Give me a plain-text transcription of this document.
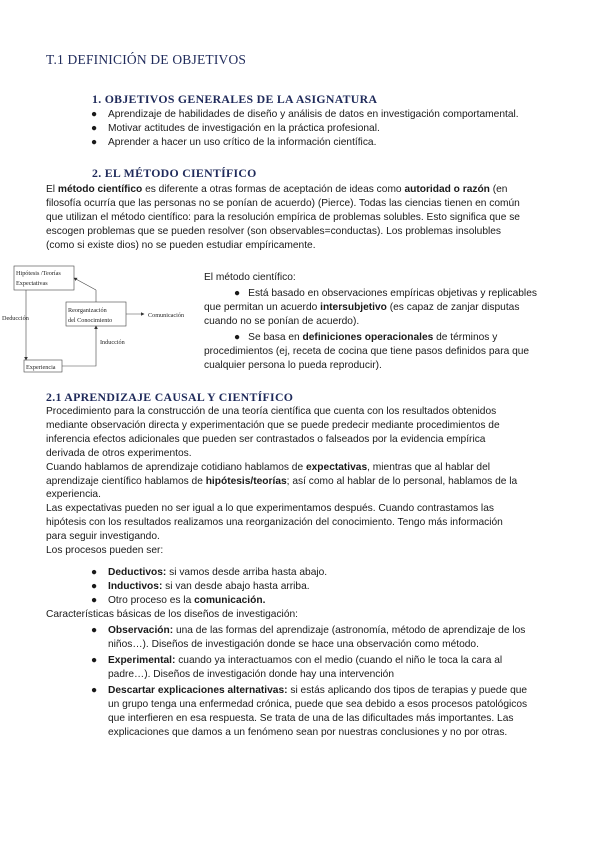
T.1 DEFINICIÓN DE OBJETIVOS
1. OBJETIVOS GENERALES DE LA ASIGNATURA
● Aprendizaje de habilidades de diseño y análisis de datos en investigación comportamental.
● Motivar actitudes de investigación en la práctica profesional.
● Aprender a hacer un uso crítico de la información científica.
2. EL MÉTODO CIENTÍFICO
El método científico es diferente a otras formas de aceptación de ideas como autoridad o razón (en
filosofía ocurría que las personas no se ponían de acuerdo) (Pierce). Todas las ciencias tienen en común
que utilizan el método científico: para la resolución empírica de problemas solubles. Esto significa que se
escogen problemas que se pueden resolver (son observables=conductas). Los problemas insolubles
(como si existe dios) no se pueden estudiar empíricamente.
Hipótesis /Teorías
Expectativas
Reorganización
del Conocimiento
Deducción
Inducción
Comunicación
Experiencia
El método científico:
● Está basado en observaciones empíricas objetivas y replicables
que permitan un acuerdo intersubjetivo (es capaz de zanjar disputas
cuando no se ponían de acuerdo).
● Se basa en definiciones operacionales de términos y
procedimientos (ej, receta de cocina que tiene pasos definidos para que
cualquier persona lo pueda reproducir).
2.1 APRENDIZAJE CAUSAL Y CIENTÍFICO
Procedimiento para la construcción de una teoría científica que cuenta con los resultados obtenidos
mediante observación directa y experimentación que se puede predecir mediante procedimientos de
inferencia efectos adicionales que pueden ser contrastados o falseados por la evidencia empírica
derivada de otros experimentos.
Cuando hablamos de aprendizaje cotidiano hablamos de expectativas, mientras que al hablar del
aprendizaje científico hablamos de hipótesis/teorías; así como al hablar de lo personal, hablamos de la
experiencia.
Las expectativas pueden no ser igual a lo que experimentamos después. Cuando contrastamos las
hipótesis con los resultados realizamos una reorganización del conocimiento. Tengo más información
para seguir investigando.
Los procesos pueden ser:
● Deductivos: si vamos desde arriba hasta abajo.
● Inductivos: si van desde abajo hasta arriba.
● Otro proceso es la comunicación.
Características básicas de los diseños de investigación:
● Observación: una de las formas del aprendizaje (astronomía, método de aprendizaje de los
niños…). Diseños de investigación donde se hace una observación como método.
● Experimental: cuando ya interactuamos con el medio (cuando el niño le toca la cara al
padre…). Diseños de investigación donde hay una intervención
● Descartar explicaciones alternativas: si estás aplicando dos tipos de terapias y puede que
un grupo tenga una enfermedad crónica, puede que sea debido a esos procesos patológicos
que interfieren en esa respuesta. Se trata de una de las dificultades más importantes. Las
explicaciones que damos a un fenómeno sean por nuestras conclusiones y no por otras.
